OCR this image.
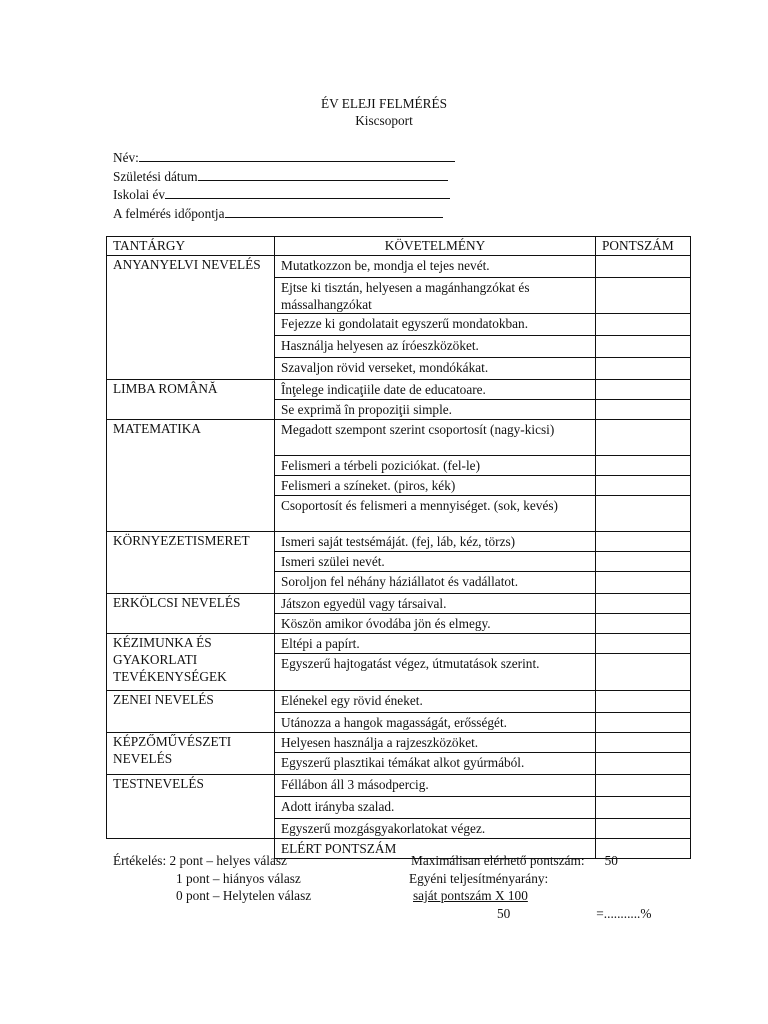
ÉV ELEJI FELMÉRÉS
Kiscsoport
Név:
Születési dátum
Iskolai év
A felmérés időpontja
TANTÁRGY	KÖVETELMÉNY	PONTSZÁM
ANYANYELVI NEVELÉS	Mutatkozzon be, mondja el tejes nevét.	
	Ejtse ki tisztán, helyesen a magánhangzókat és mássalhangzókat	
	Fejezze ki gondolatait egyszerű mondatokban.	
	Használja helyesen az íróeszközöket.	
	Szavaljon rövid verseket, mondókákat.	
LIMBA ROMÂNĂ	Înţelege indicaţiile date de educatoare.	
	Se exprimă în propoziţii simple.	
MATEMATIKA	Megadott szempont szerint csoportosít (nagy-kicsi)	
	Felismeri a térbeli poziciókat. (fel-le)	
	Felismeri a színeket. (piros, kék)	
	Csoportosít és felismeri a mennyiséget. (sok, kevés)	
KÖRNYEZETISMERET	Ismeri saját testsémáját. (fej, láb, kéz, törzs)	
	Ismeri szülei nevét.	
	Soroljon fel néhány háziállatot és vadállatot.	
ERKÖLCSI NEVELÉS	Játszon egyedül vagy társaival.	
	Köszön amikor óvodába jön és elmegy.	
KÉZIMUNKA ÉS GYAKORLATI TEVÉKENYSÉGEK	Eltépi a papírt.	
	Egyszerű hajtogatást végez, útmutatások szerint.	
ZENEI NEVELÉS	Elénekel egy rövid éneket.	
	Utánozza a hangok magasságát, erősségét.	
KÉPZŐMŰVÉSZETI NEVELÉS	Helyesen használja a rajzeszközöket.	
	Egyszerű plasztikai témákat alkot gyúrmából.	
TESTNEVELÉS	Féllábon áll 3 másodpercig.	
	Adott irányba szalad.	
	Egyszerű mozgásgyakorlatokat végez.	
	ELÉRT PONTSZÁM	
Értékelés: 2 pont – helyes válasz
1 pont – hiányos válasz
0 pont – Helytelen válasz
Maximálisan elérhető pontszám: 50
Egyéni teljesítményarány:
saját pontszám X 100
50	=...........%
